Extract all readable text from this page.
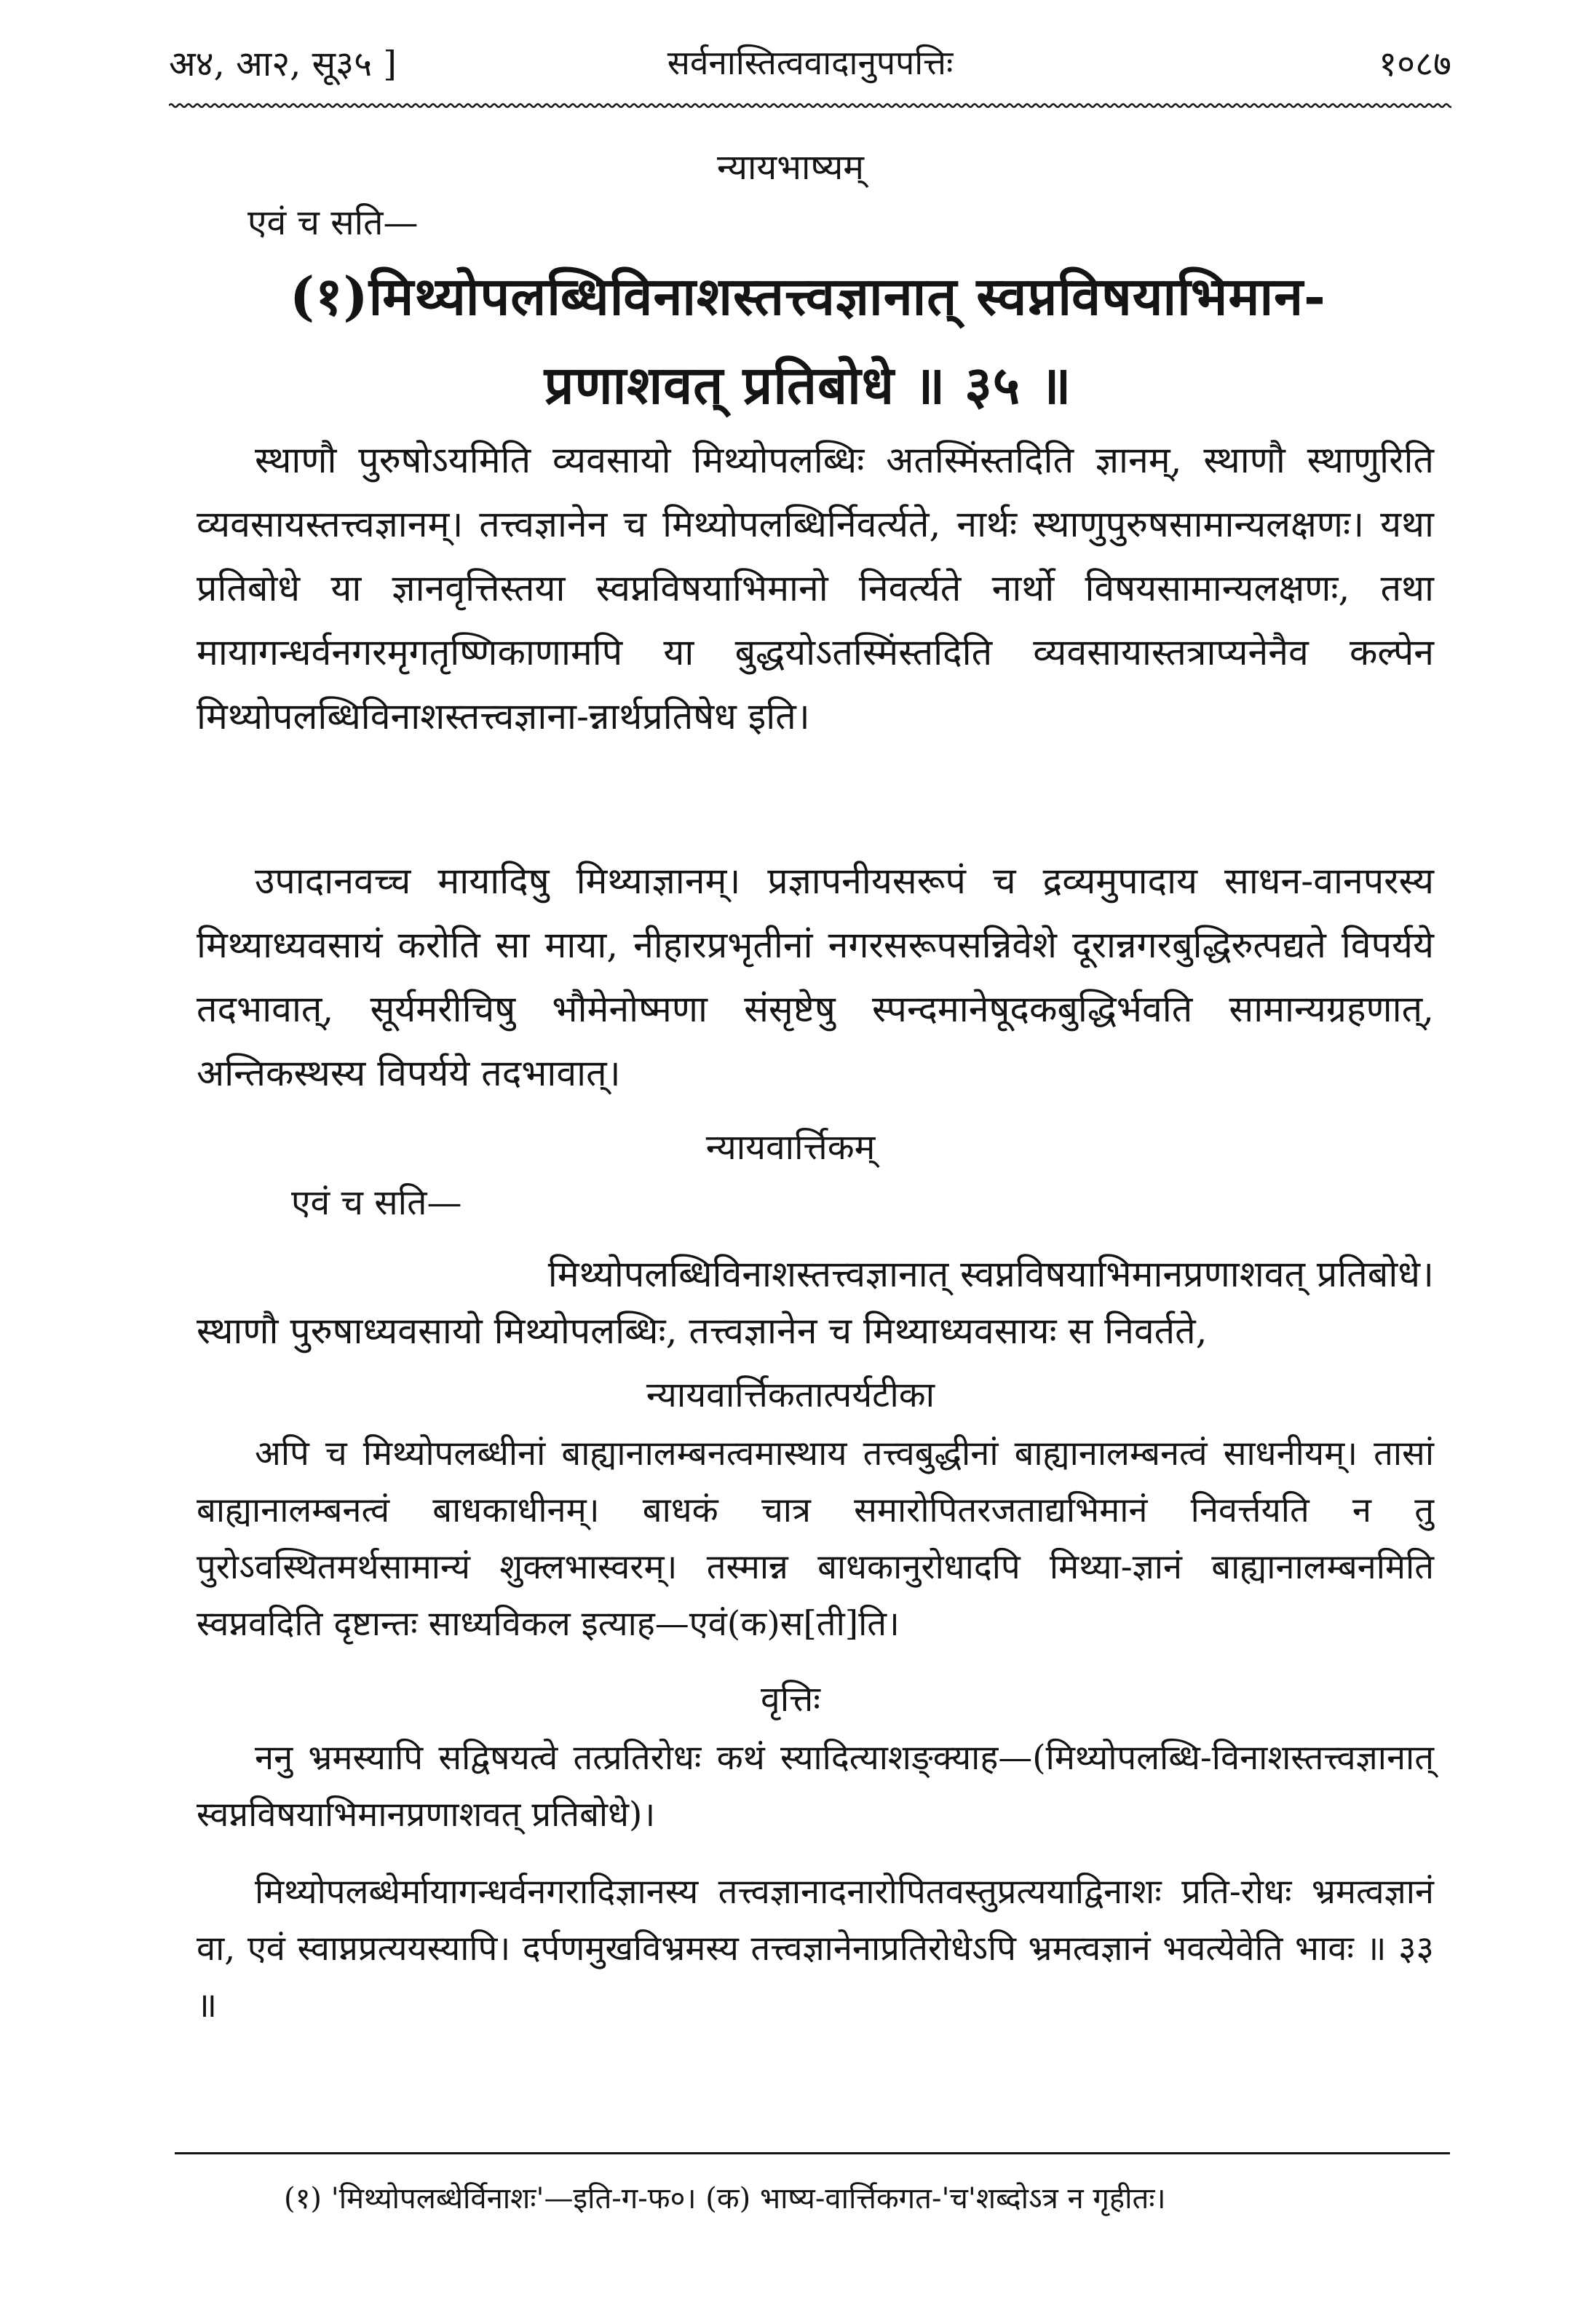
अ४, आ२, सू३५ ]	सर्वनास्तित्ववादानुपपत्तिः	१०८७
न्यायभाष्यम्
एवं च सति—
(१)मिथ्योपलब्धिविनाशस्तत्त्वज्ञानात् स्वप्नविषयाभिमान-
प्रणाशवत् प्रतिबोधे ॥ ३५ ॥
स्थाणौ पुरुषोऽयमिति व्यवसायो मिथ्योपलब्धिः अतस्मिंस्तदिति ज्ञानम्, स्थाणौ स्थाणुरिति व्यवसायस्तत्त्वज्ञानम्। तत्त्वज्ञानेन च मिथ्योपलब्धिर्निवर्त्यते, नार्थः स्थाणुपुरुषसामान्यलक्षणः। यथा प्रतिबोधे या ज्ञानवृत्तिस्तया स्वप्नविषयाभिमानो निवर्त्यते नार्थो विषयसामान्यलक्षणः, तथा मायागन्धर्वनगरमृगतृष्णिकाणामपि या बुद्धयोऽतस्मिंस्तदिति व्यवसायास्तत्राप्यनेनैव कल्पेन मिथ्योपलब्धिविनाशस्तत्त्वज्ञाना-न्नार्थप्रतिषेध इति।
उपादानवच्च मायादिषु मिथ्याज्ञानम्। प्रज्ञापनीयसरूपं च द्रव्यमुपादाय साधन-वानपरस्य मिथ्याध्यवसायं करोति सा माया, नीहारप्रभृतीनां नगरसरूपसन्निवेशे दूरान्नगरबुद्धिरुत्पद्यते विपर्यये तदभावात्, सूर्यमरीचिषु भौमेनोष्मणा संसृष्टेषु स्पन्दमानेषूदकबुद्धिर्भवति सामान्यग्रहणात्, अन्तिकस्थस्य विपर्यये तदभावात्।
न्यायवार्त्तिकम्
एवं च सति—
मिथ्योपलब्धिविनाशस्तत्त्वज्ञानात् स्वप्नविषयाभिमानप्रणाशवत् प्रतिबोधे।
स्थाणौ पुरुषाध्यवसायो मिथ्योपलब्धिः, तत्त्वज्ञानेन च मिथ्याध्यवसायः स निवर्तते,
न्यायवार्त्तिकतात्पर्यटीका
अपि च मिथ्योपलब्धीनां बाह्यानालम्बनत्वमास्थाय तत्त्वबुद्धीनां बाह्यानालम्बनत्वं साधनीयम्। तासां बाह्यानालम्बनत्वं बाधकाधीनम्। बाधकं चात्र समारोपितरजताद्यभिमानं निवर्त्तयति न तु पुरोऽवस्थितमर्थसामान्यं शुक्लभास्वरम्। तस्मान्न बाधकानुरोधादपि मिथ्या-ज्ञानं बाह्यानालम्बनमिति स्वप्नवदिति दृष्टान्तः साध्यविकल इत्याह—एवं(क)स[ती]ति।
वृत्तिः
ननु भ्रमस्यापि सद्विषयत्वे तत्प्रतिरोधः कथं स्यादित्याशङ्क्याह—(मिथ्योपलब्धि-विनाशस्तत्त्वज्ञानात् स्वप्नविषयाभिमानप्रणाशवत् प्रतिबोधे)।
मिथ्योपलब्धेर्मायागन्धर्वनगरादिज्ञानस्य तत्त्वज्ञानादनारोपितवस्तुप्रत्ययाद्विनाशः प्रति-रोधः भ्रमत्वज्ञानं वा, एवं स्वाप्नप्रत्ययस्यापि। दर्पणमुखविभ्रमस्य तत्त्वज्ञानेनाप्रतिरोधेऽपि भ्रमत्वज्ञानं भवत्येवेति भावः ॥ ३३ ॥
(१) 'मिथ्योपलब्धेर्विनाशः'—इति-ग-फ०। (क) भाष्य-वार्त्तिकगत-'च'शब्दोऽत्र न गृहीतः।
